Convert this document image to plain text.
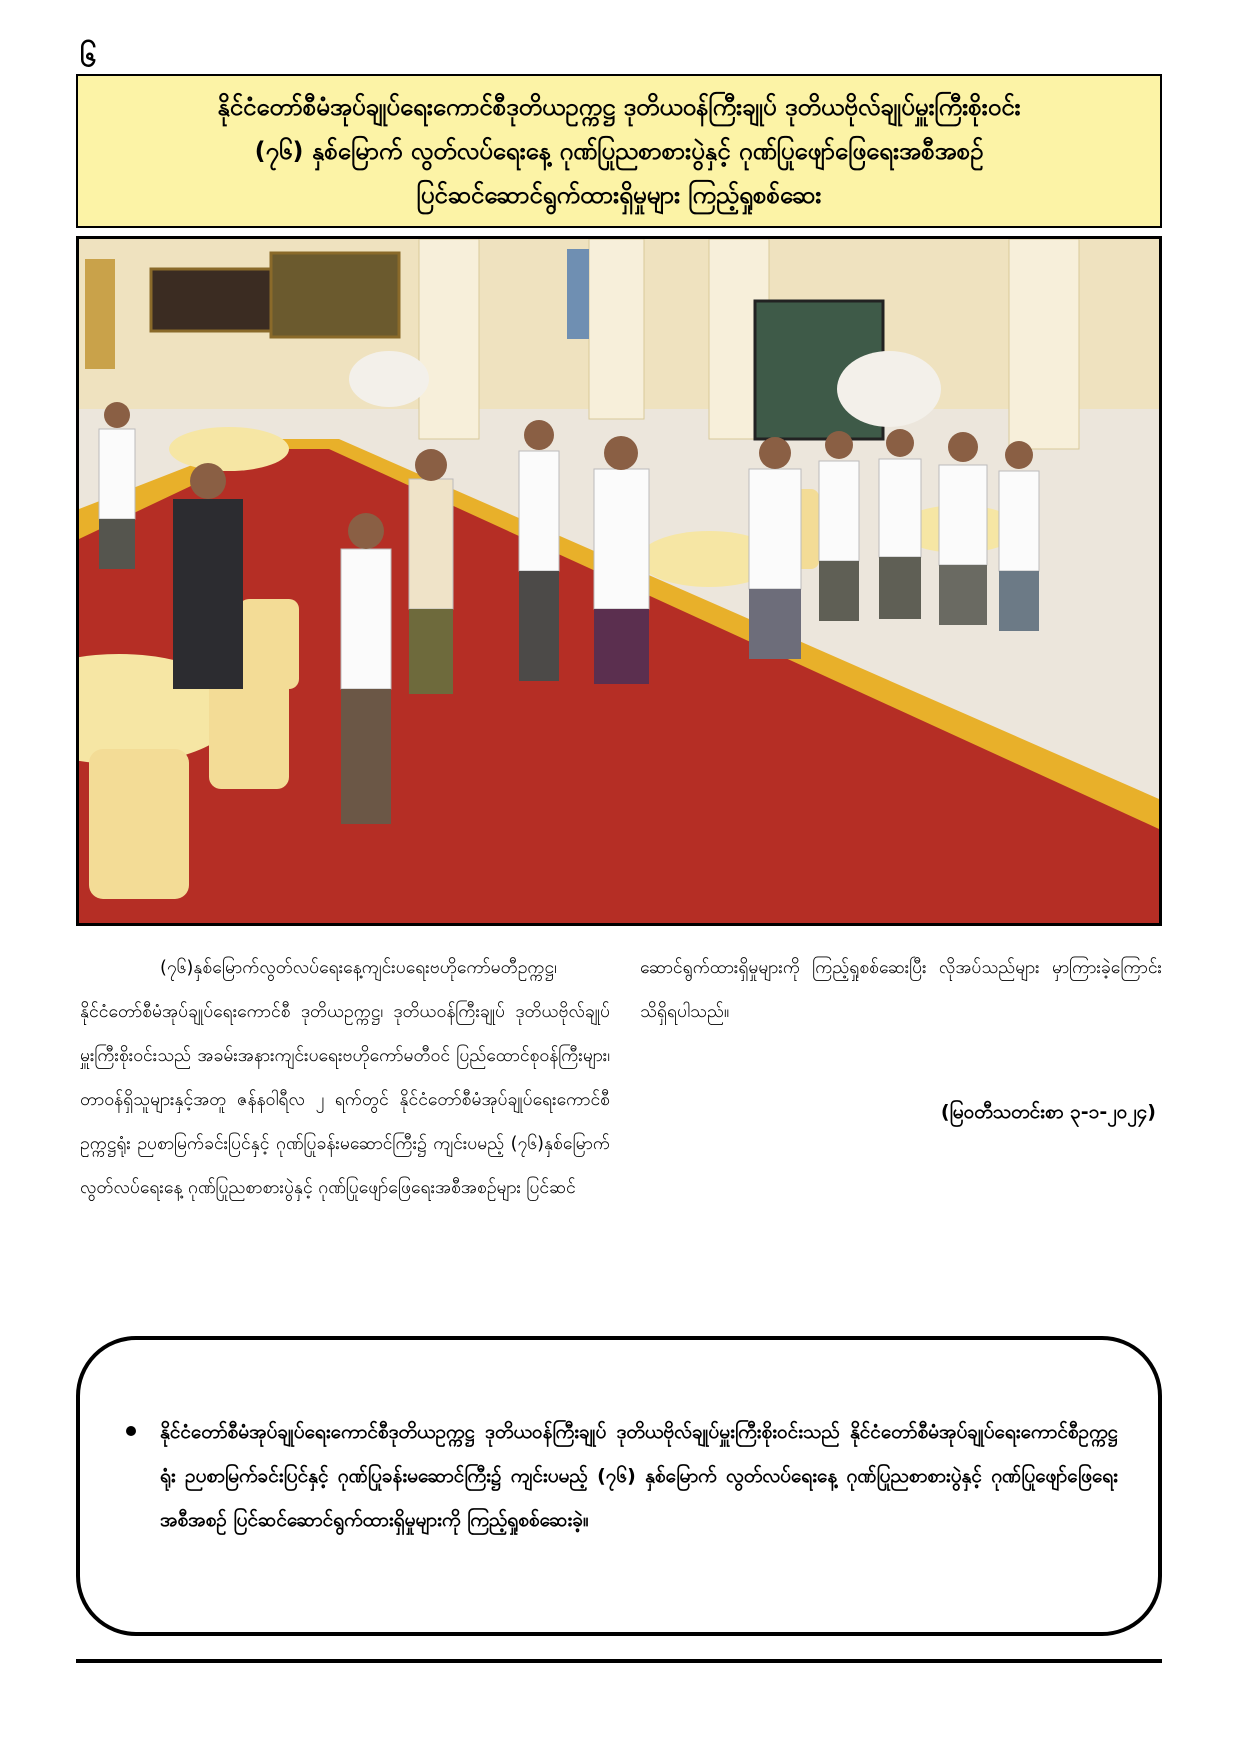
၆
နိုင်ငံတော်စီမံအုပ်ချုပ်ရေးကောင်စီဒုတိယဥက္ကဋ္ဌ ဒုတိယဝန်ကြီးချုပ် ဒုတိယဗိုလ်ချုပ်မှူးကြီးစိုးဝင်း
(၇၆) နှစ်မြောက် လွတ်လပ်ရေးနေ့ ဂုဏ်ပြုညစာစားပွဲနှင့် ဂုဏ်ပြုဖျော်ဖြေရေးအစီအစဉ်
ပြင်ဆင်ဆောင်ရွက်ထားရှိမှုများ ကြည့်ရှုစစ်ဆေး

(၇၆)နှစ်မြောက်လွတ်လပ်ရေးနေ့ကျင်းပရေးဗဟိုကော်မတီဥက္ကဋ္ဌ၊ နိုင်ငံတော်စီမံအုပ်ချုပ်ရေးကောင်စီ ဒုတိယဥက္ကဋ္ဌ၊ ဒုတိယဝန်ကြီးချုပ် ဒုတိယဗိုလ်ချုပ်မှူးကြီးစိုးဝင်းသည် အခမ်းအနားကျင်းပရေးဗဟိုကော်မတီဝင် ပြည်ထောင်စုဝန်ကြီးများ၊ တာဝန်ရှိသူများနှင့်အတူ ဇန်နဝါရီလ ၂ ရက်တွင် နိုင်ငံတော်စီမံအုပ်ချုပ်ရေးကောင်စီဥက္ကဋ္ဌရုံး ဉပစာမြက်ခင်းပြင်နှင့် ဂုဏ်ပြုခန်းမဆောင်ကြီး၌ ကျင်းပမည့် (၇၆)နှစ်မြောက် လွတ်လပ်ရေးနေ့ ဂုဏ်ပြုညစာစားပွဲနှင့် ဂုဏ်ပြုဖျော်ဖြေရေးအစီအစဉ်များ ပြင်ဆင်

ဆောင်ရွက်ထားရှိမှုများကို ကြည့်ရှုစစ်ဆေးပြီး လိုအပ်သည်များ မှာကြားခဲ့ကြောင်း သိရှိရပါသည်။

(မြဝတီသတင်းစာ ၃-၁-၂၀၂၄)
နိုင်ငံတော်စီမံအုပ်ချုပ်ရေးကောင်စီဒုတိယဥက္ကဋ္ဌ ဒုတိယဝန်ကြီးချုပ် ဒုတိယဗိုလ်ချုပ်မှူးကြီးစိုးဝင်းသည် နိုင်ငံတော်စီမံအုပ်ချုပ်ရေးကောင်စီဥက္ကဋ္ဌရုံး ဉပစာမြက်ခင်းပြင်နှင့် ဂုဏ်ပြုခန်းမဆောင်ကြီး၌ ကျင်းပမည့် (၇၆) နှစ်မြောက် လွတ်လပ်ရေးနေ့ ဂုဏ်ပြုညစာစားပွဲနှင့် ဂုဏ်ပြုဖျော်ဖြေရေးအစီအစဉ် ပြင်ဆင်ဆောင်ရွက်ထားရှိမှုများကို ကြည့်ရှုစစ်ဆေးခဲ့။
